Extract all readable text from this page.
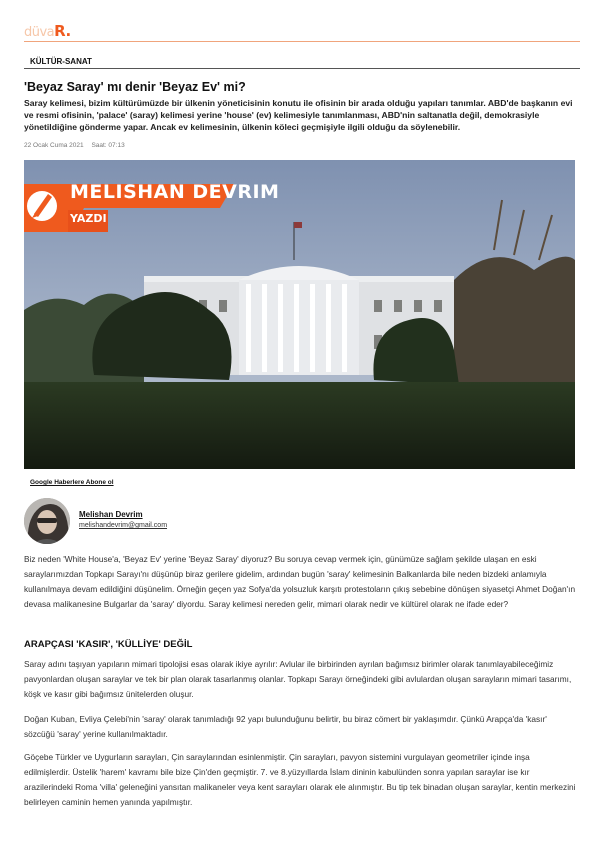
düvaR.
KÜLTÜR-SANAT
'Beyaz Saray' mı denir 'Beyaz Ev' mi?

Saray kelimesi, bizim kültürümüzde bir ülkenin yöneticisinin konutu ile ofisinin bir arada olduğu yapıları tanımlar. ABD'de başkanın evi ve resmi ofisinin, 'palace' (saray) kelimesi yerine 'house' (ev) kelimesiyle tanımlanması, ABD'nin saltanatla değil, demokrasiyle yönetildiğine gönderme yapar. Ancak ev kelimesinin, ülkenin köleci geçmişiyle ilgili olduğu da söylenebilir.

22 Ocak Cuma 2021 Saat: 07:13
MELISHAN DEVRIM
YAZDI
Google Haberlere Abone ol
Melishan Devrim
melishandevrim@gmail.com

Biz neden 'White House'a, 'Beyaz Ev' yerine 'Beyaz Saray' diyoruz? Bu soruya cevap vermek için, günümüze sağlam şekilde ulaşan en eski saraylarımızdan Topkapı Sarayı'nı düşünüp biraz gerilere gidelim, ardından bugün 'saray' kelimesinin Balkanlarda bile neden bizdeki anlamıyla kullanılmaya devam edildiğini düşünelim. Örneğin geçen yaz Sofya'da yolsuzluk karşıtı protestoların çıkış sebebine dönüşen siyasetçi Ahmet Doğan'ın devasa malikanesine Bulgarlar da 'saray' diyordu. Saray kelimesi nereden gelir, mimari olarak nedir ve kültürel olarak ne ifade eder?

ARAPÇASI 'KASIR', 'KÜLLİYE' DEĞİL

Saray adını taşıyan yapıların mimari tipolojisi esas olarak ikiye ayrılır: Avlular ile birbirinden ayrılan bağımsız birimler olarak tanımlayabileceğimiz pavyonlardan oluşan saraylar ve tek bir plan olarak tasarlanmış olanlar. Topkapı Sarayı örneğindeki gibi avlulardan oluşan sarayların mimari tasarımı, köşk ve kasır gibi bağımsız ünitelerden oluşur.

Doğan Kuban, Evliya Çelebi'nin 'saray' olarak tanımladığı 92 yapı bulunduğunu belirtir, bu biraz cömert bir yaklaşımdır. Çünkü Arapça'da 'kasır' sözcüğü 'saray' yerine kullanılmaktadır.

Göçebe Türkler ve Uygurların sarayları, Çin saraylarından esinlenmiştir. Çin sarayları, pavyon sistemini vurgulayan geometriler içinde inşa edilmişlerdir. Üstelik 'harem' kavramı bile bize Çin'den geçmiştir. 7. ve 8.yüzyıllarda İslam dininin kabulünden sonra yapılan saraylar ise kır arazilerindeki Roma 'villa' geleneğini yansıtan malikaneler veya kent sarayları olarak ele alınmıştır. Bu tip tek binadan oluşan saraylar, kentin merkezini belirleyen caminin hemen yanında yapılmıştır.
